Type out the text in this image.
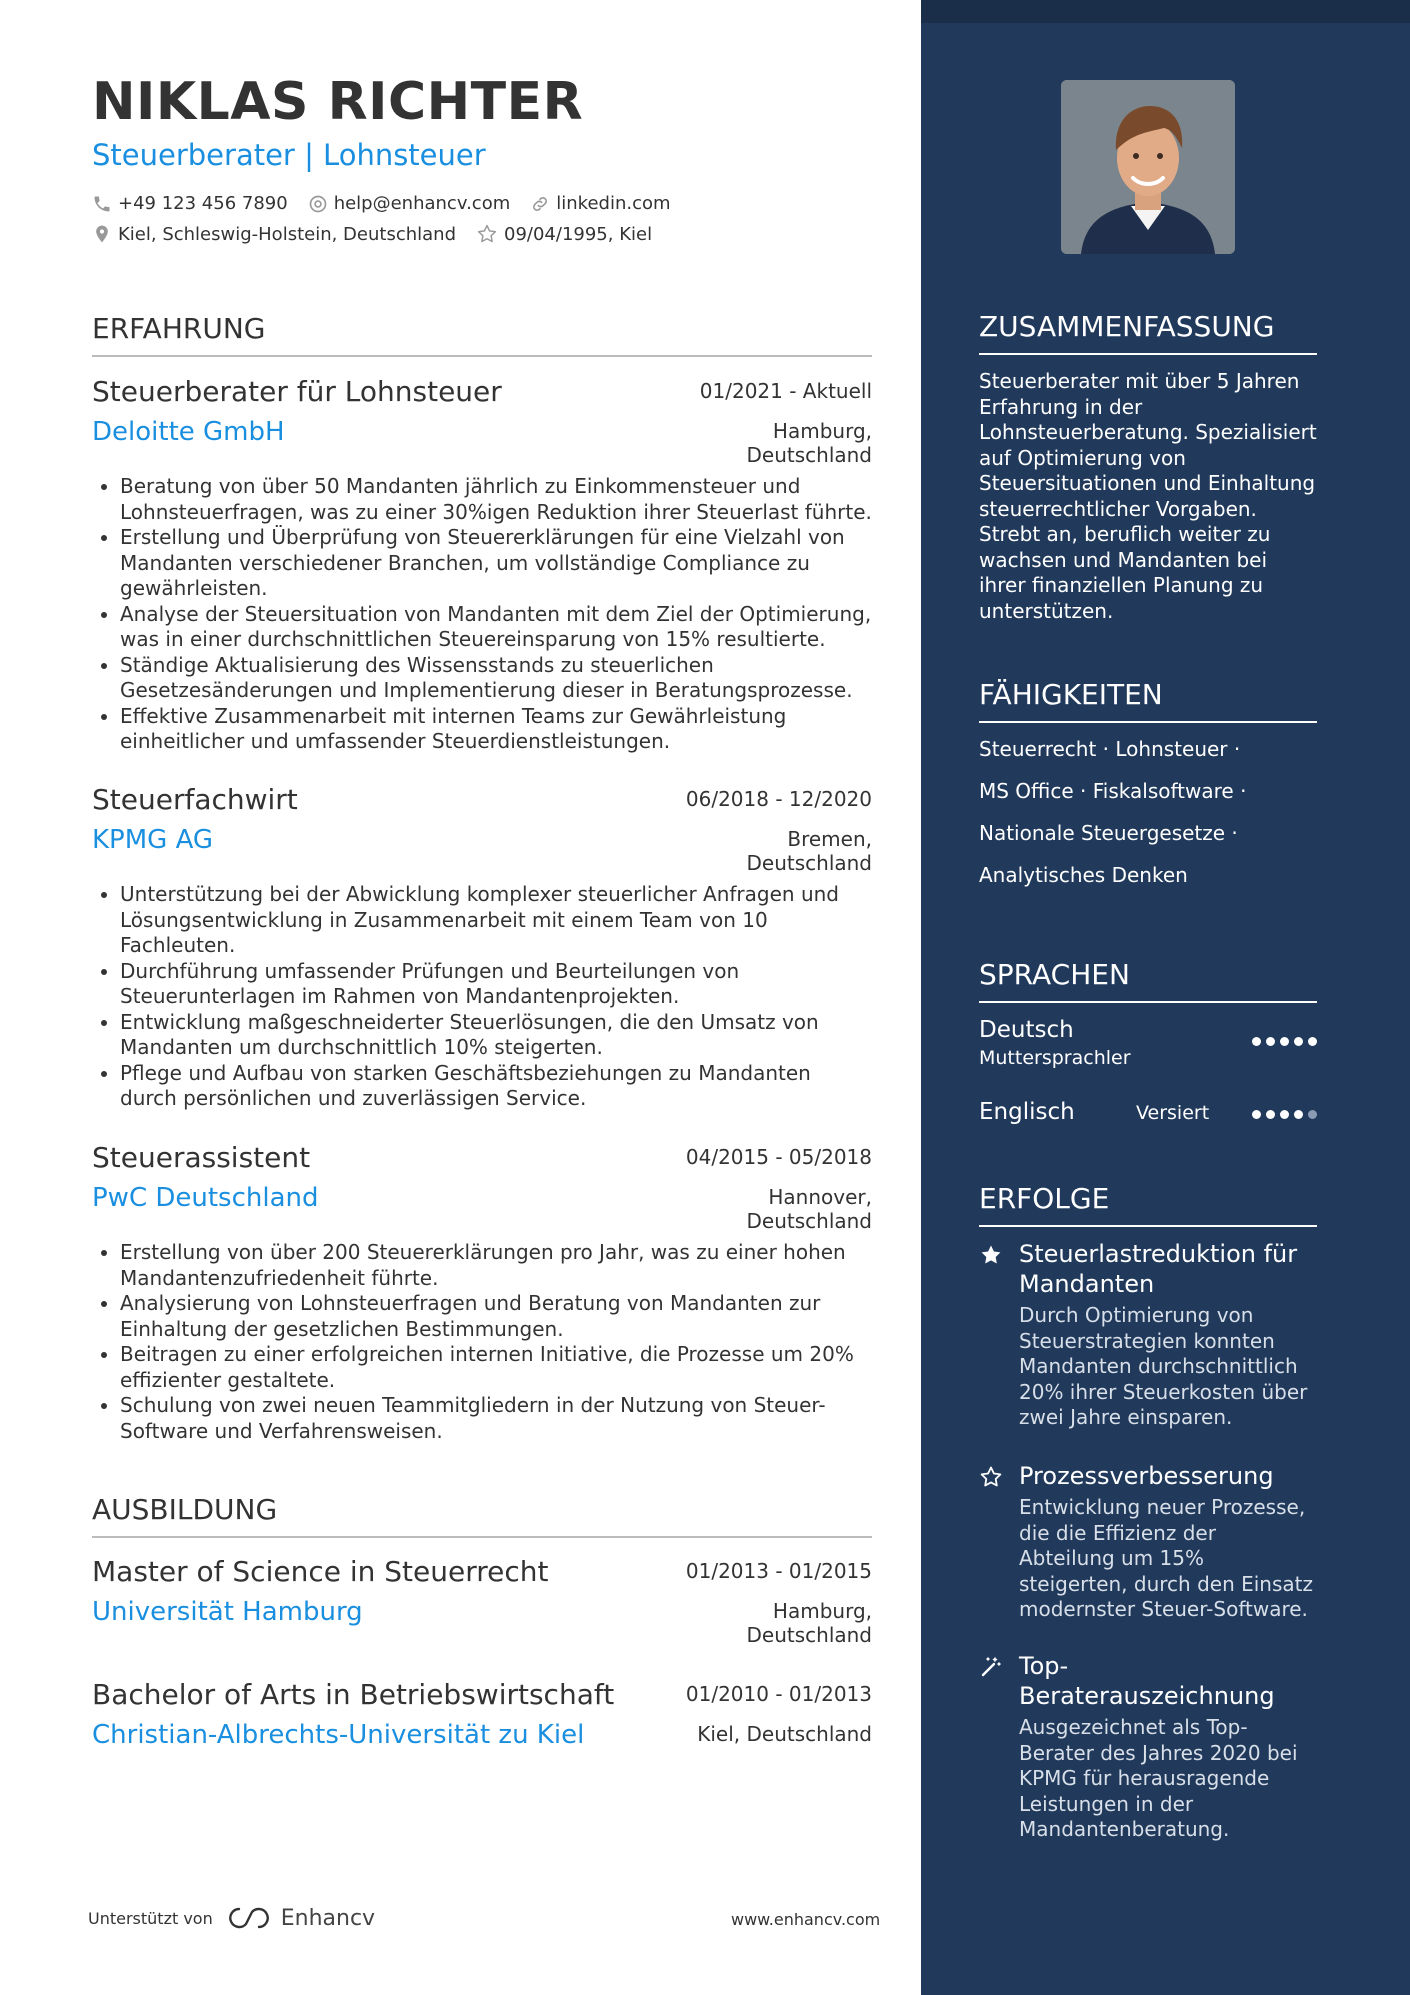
NIKLAS RICHTER
Steuerberater | Lohnsteuer
+49 123 456 7890	help@enhancv.com	linkedin.com
Kiel, Schleswig-Holstein, Deutschland	09/04/1995, Kiel
ERFAHRUNG
Steuerberater für Lohnsteuer	01/2021 - Aktuell
Deloitte GmbH	Hamburg,
Deutschland
• Beratung von über 50 Mandanten jährlich zu Einkommensteuer und Lohnsteuerfragen, was zu einer 30%igen Reduktion ihrer Steuerlast führte.
• Erstellung und Überprüfung von Steuererklärungen für eine Vielzahl von Mandanten verschiedener Branchen, um vollständige Compliance zu gewährleisten.
• Analyse der Steuersituation von Mandanten mit dem Ziel der Optimierung, was in einer durchschnittlichen Steuereinsparung von 15% resultierte.
• Ständige Aktualisierung des Wissensstands zu steuerlichen Gesetzesänderungen und Implementierung dieser in Beratungsprozesse.
• Effektive Zusammenarbeit mit internen Teams zur Gewährleistung einheitlicher und umfassender Steuerdienstleistungen.
Steuerfachwirt	06/2018 - 12/2020
KPMG AG	Bremen,
Deutschland
• Unterstützung bei der Abwicklung komplexer steuerlicher Anfragen und Lösungsentwicklung in Zusammenarbeit mit einem Team von 10 Fachleuten.
• Durchführung umfassender Prüfungen und Beurteilungen von Steuerunterlagen im Rahmen von Mandantenprojekten.
• Entwicklung maßgeschneiderter Steuerlösungen, die den Umsatz von Mandanten um durchschnittlich 10% steigerten.
• Pflege und Aufbau von starken Geschäftsbeziehungen zu Mandanten durch persönlichen und zuverlässigen Service.
Steuerassistent	04/2015 - 05/2018
PwC Deutschland	Hannover,
Deutschland
• Erstellung von über 200 Steuererklärungen pro Jahr, was zu einer hohen Mandantenzufriedenheit führte.
• Analysierung von Lohnsteuerfragen und Beratung von Mandanten zur Einhaltung der gesetzlichen Bestimmungen.
• Beitragen zu einer erfolgreichen internen Initiative, die Prozesse um 20% effizienter gestaltete.
• Schulung von zwei neuen Teammitgliedern in der Nutzung von Steuer-Software und Verfahrensweisen.
AUSBILDUNG
Master of Science in Steuerrecht	01/2013 - 01/2015
Universität Hamburg	Hamburg,
Deutschland
Bachelor of Arts in Betriebswirtschaft	01/2010 - 01/2013
Christian-Albrechts-Universität zu Kiel	Kiel, Deutschland
Unterstützt von	Enhancv	www.enhancv.com
ZUSAMMENFASSUNG
Steuerberater mit über 5 Jahren Erfahrung in der Lohnsteuerberatung. Spezialisiert auf Optimierung von Steuersituationen und Einhaltung steuerrechtlicher Vorgaben. Strebt an, beruflich weiter zu wachsen und Mandanten bei ihrer finanziellen Planung zu unterstützen.
FÄHIGKEITEN
Steuerrecht · Lohnsteuer ·
MS Office · Fiskalsoftware ·
Nationale Steuergesetze ·
Analytisches Denken
SPRACHEN
Deutsch
Muttersprachler
Englisch	Versiert
ERFOLGE
Steuerlastreduktion für Mandanten
Durch Optimierung von Steuerstrategien konnten Mandanten durchschnittlich 20% ihrer Steuerkosten über zwei Jahre einsparen.
Prozessverbesserung
Entwicklung neuer Prozesse, die die Effizienz der Abteilung um 15% steigerten, durch den Einsatz modernster Steuer-Software.
Top-Beraterauszeichnung
Ausgezeichnet als Top-Berater des Jahres 2020 bei KPMG für herausragende Leistungen in der Mandantenberatung.
